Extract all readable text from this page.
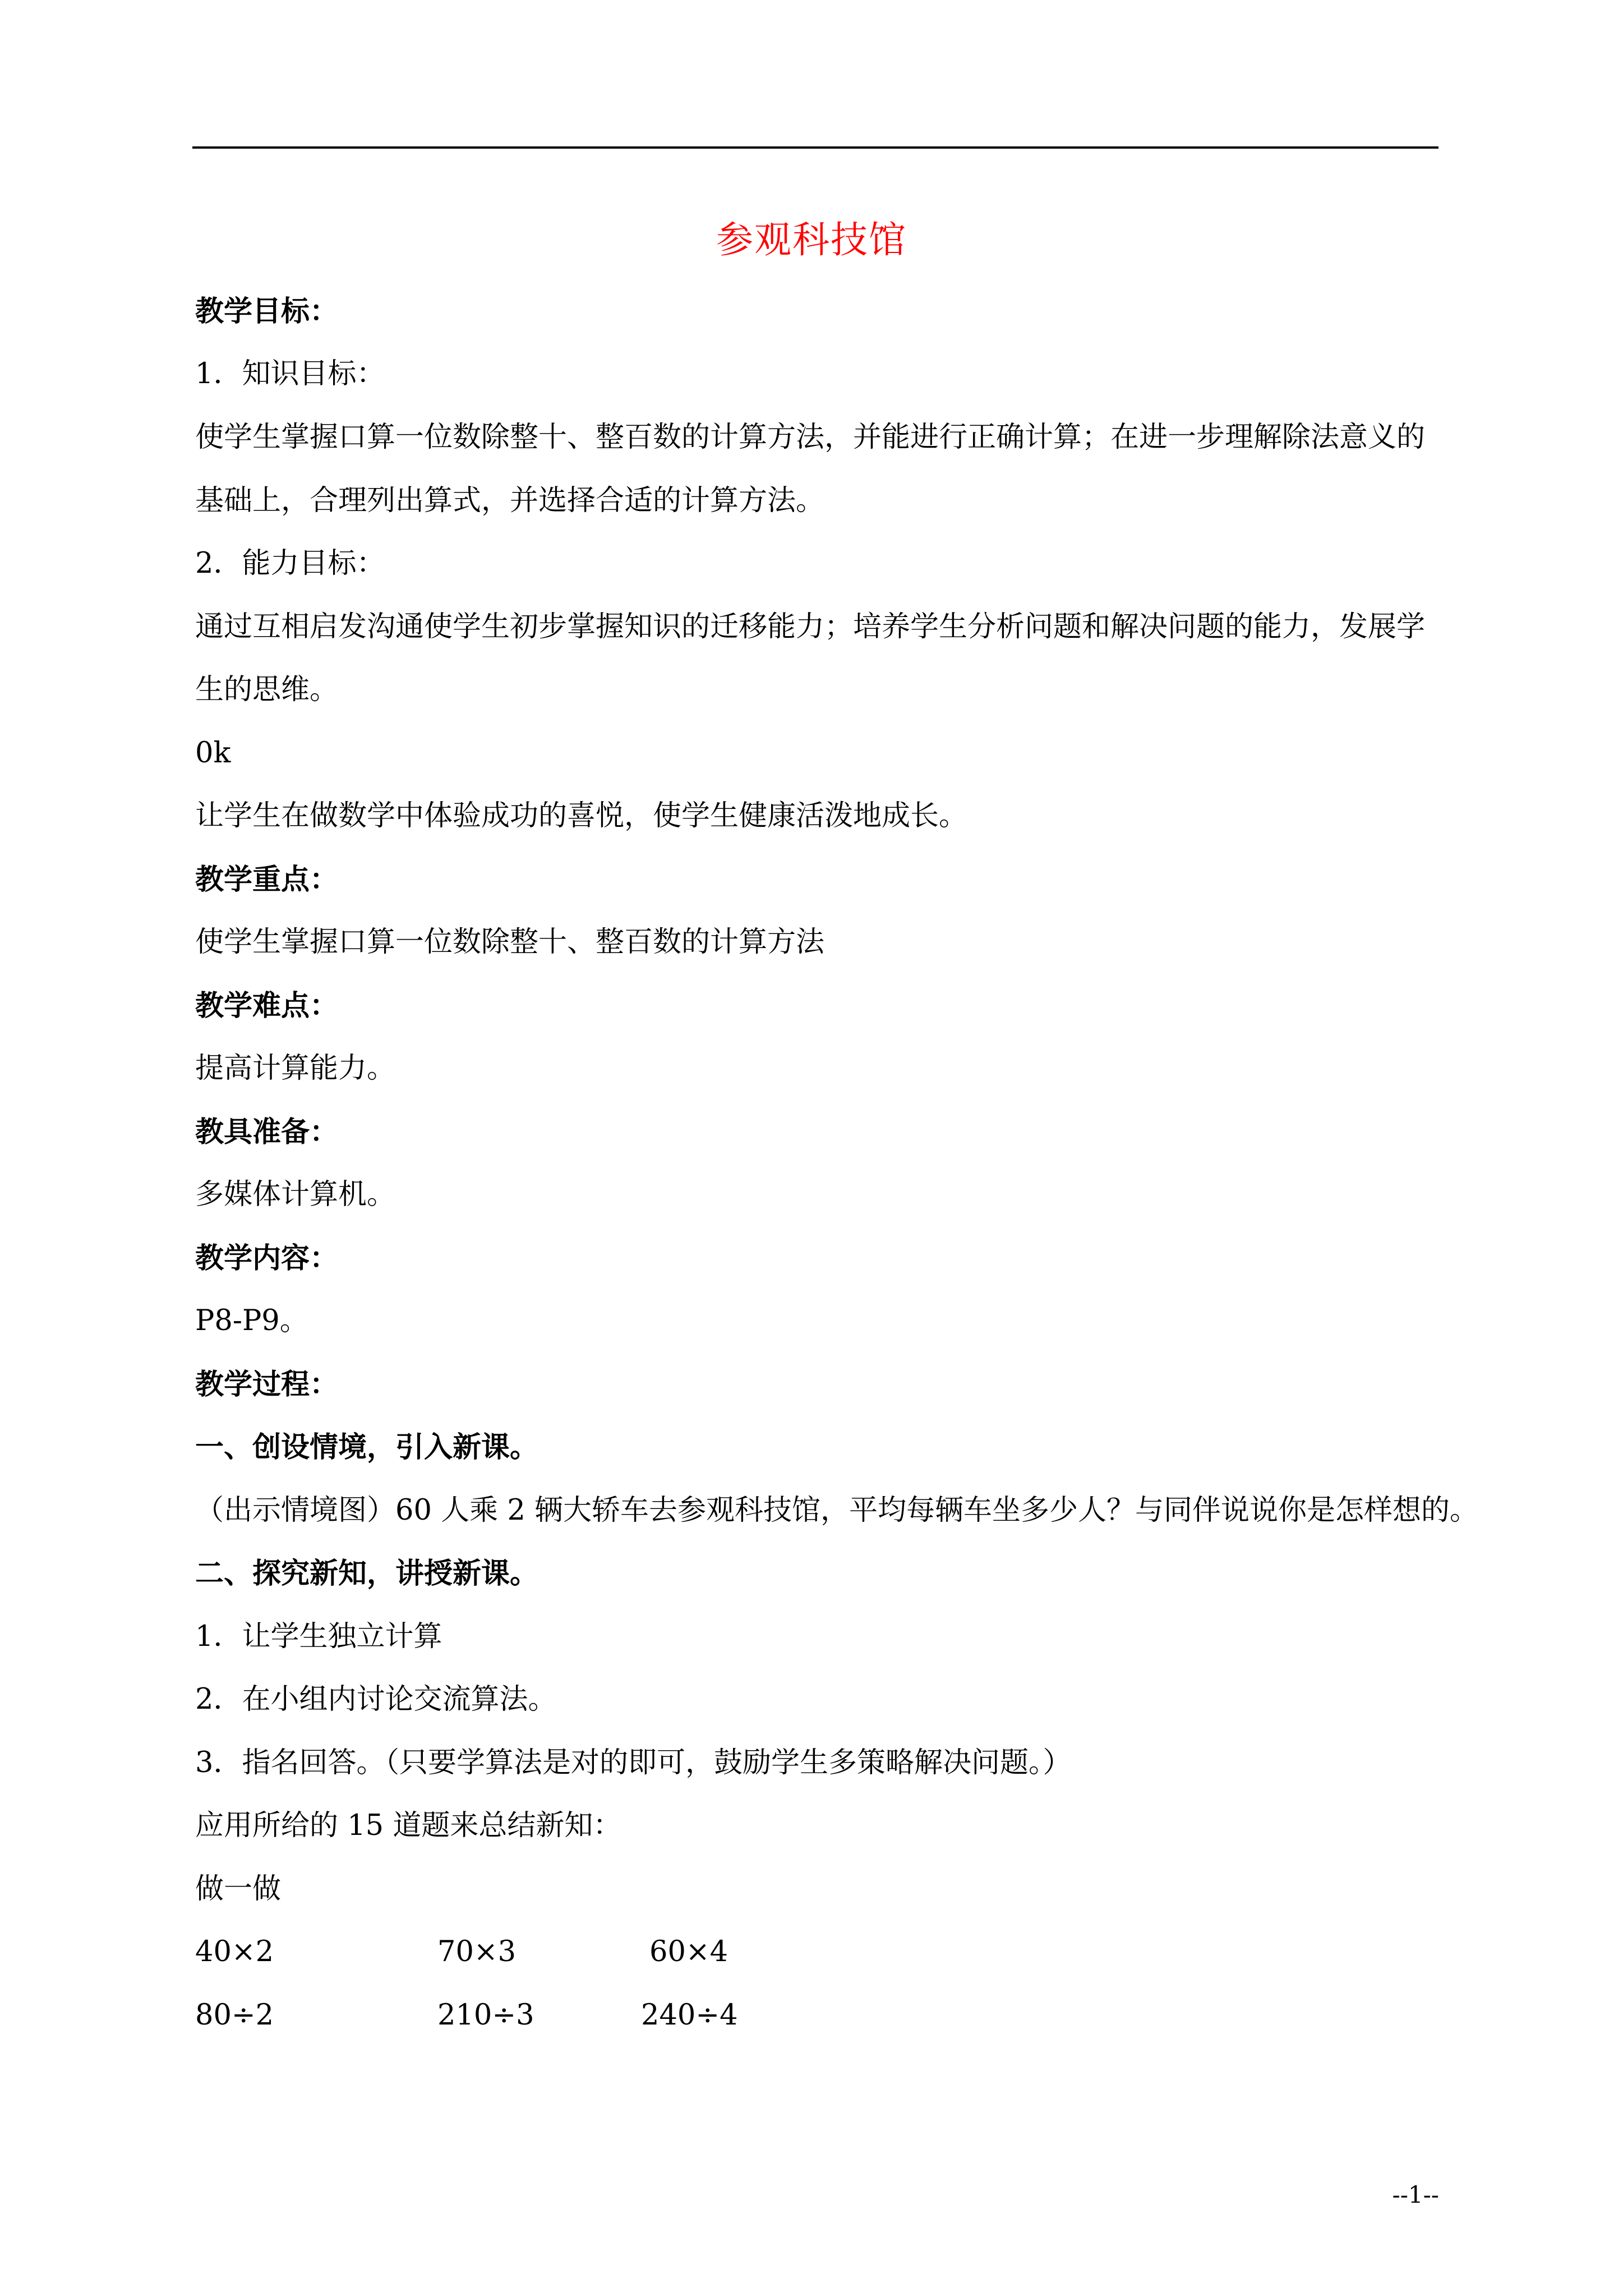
参观科技馆
教学目标：
1．知识目标：
使学生掌握口算一位数除整十、整百数的计算方法，并能进行正确计算；在进一步理解除法意义的
基础上，合理列出算式，并选择合适的计算方法。
2．能力目标：
通过互相启发沟通使学生初步掌握知识的迁移能力；培养学生分析问题和解决问题的能力，发展学
生的思维。
0k
让学生在做数学中体验成功的喜悦，使学生健康活泼地成长。
教学重点：
使学生掌握口算一位数除整十、整百数的计算方法
教学难点：
提高计算能力。
教具准备：
多媒体计算机。
教学内容：
P8-P9。
教学过程：
一、创设情境，引入新课。
（出示情境图）60 人乘 2 辆大轿车去参观科技馆，平均每辆车坐多少人？与同伴说说你是怎样想的。
二、探究新知，讲授新课。
1．让学生独立计算
2．在小组内讨论交流算法。
3．指名回答。（只要学算法是对的即可，鼓励学生多策略解决问题。）
应用所给的 15 道题来总结新知：
做一做
40×2	70×3	60×4
80÷2	210÷3	240÷4
--1--
